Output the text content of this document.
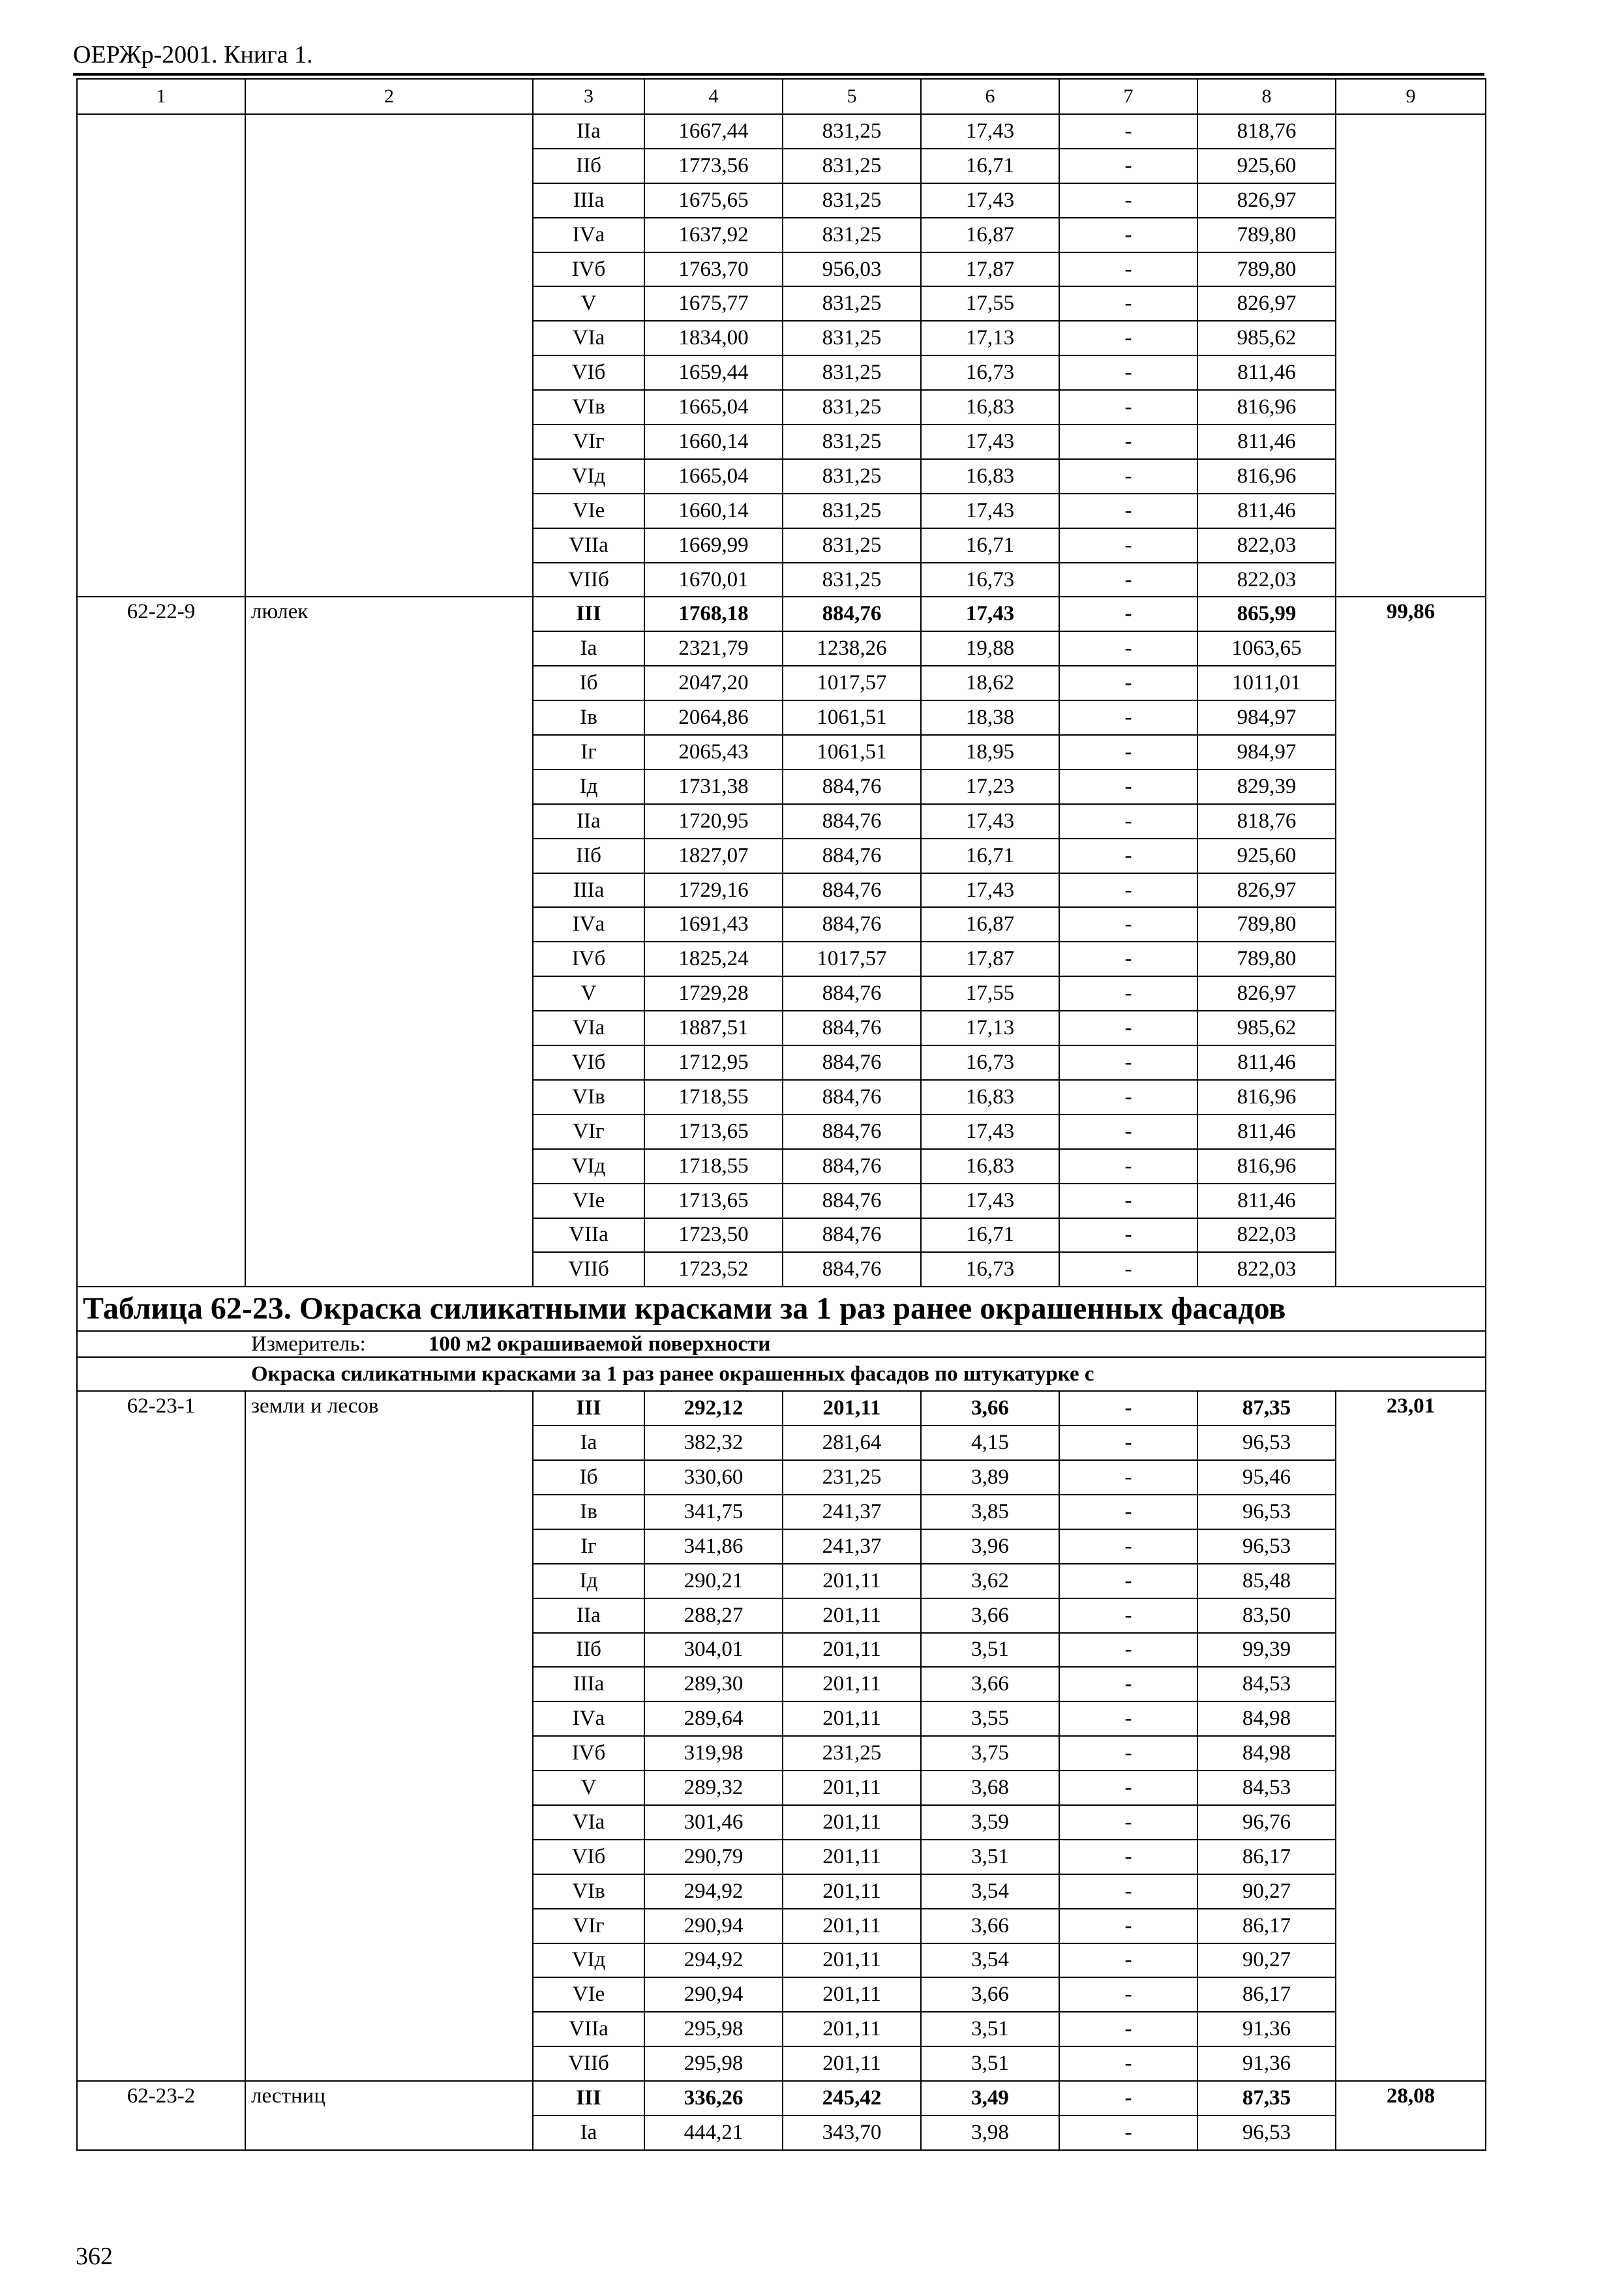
ОЕРЖр-2001. Книга 1.
1	2	3	4	5	6	7	8	9
		IIа	1667,44	831,25	17,43	-	818,76	
		IIб	1773,56	831,25	16,71	-	925,60	
		IIIа	1675,65	831,25	17,43	-	826,97	
		IVа	1637,92	831,25	16,87	-	789,80	
		IVб	1763,70	956,03	17,87	-	789,80	
		V	1675,77	831,25	17,55	-	826,97	
		VIа	1834,00	831,25	17,13	-	985,62	
		VIб	1659,44	831,25	16,73	-	811,46	
		VIв	1665,04	831,25	16,83	-	816,96	
		VIг	1660,14	831,25	17,43	-	811,46	
		VIд	1665,04	831,25	16,83	-	816,96	
		VIе	1660,14	831,25	17,43	-	811,46	
		VIIа	1669,99	831,25	16,71	-	822,03	
		VIIб	1670,01	831,25	16,73	-	822,03	
62-22-9	люлек	III	1768,18	884,76	17,43	-	865,99	99,86
		Iа	2321,79	1238,26	19,88	-	1063,65	
		Iб	2047,20	1017,57	18,62	-	1011,01	
		Iв	2064,86	1061,51	18,38	-	984,97	
		Iг	2065,43	1061,51	18,95	-	984,97	
		Iд	1731,38	884,76	17,23	-	829,39	
		IIа	1720,95	884,76	17,43	-	818,76	
		IIб	1827,07	884,76	16,71	-	925,60	
		IIIа	1729,16	884,76	17,43	-	826,97	
		IVа	1691,43	884,76	16,87	-	789,80	
		IVб	1825,24	1017,57	17,87	-	789,80	
		V	1729,28	884,76	17,55	-	826,97	
		VIа	1887,51	884,76	17,13	-	985,62	
		VIб	1712,95	884,76	16,73	-	811,46	
		VIв	1718,55	884,76	16,83	-	816,96	
		VIг	1713,65	884,76	17,43	-	811,46	
		VIд	1718,55	884,76	16,83	-	816,96	
		VIе	1713,65	884,76	17,43	-	811,46	
		VIIа	1723,50	884,76	16,71	-	822,03	
		VIIб	1723,52	884,76	16,73	-	822,03	
Таблица 62-23. Окраска силикатными красками за 1 раз ранее окрашенных фасадов								
Измеритель: 100 м2 окрашиваемой поверхности								
Окраска силикатными красками за 1 раз ранее окрашенных фасадов по штукатурке с								
62-23-1	земли и лесов	III	292,12	201,11	3,66	-	87,35	23,01
		Iа	382,32	281,64	4,15	-	96,53	
		Iб	330,60	231,25	3,89	-	95,46	
		Iв	341,75	241,37	3,85	-	96,53	
		Iг	341,86	241,37	3,96	-	96,53	
		Iд	290,21	201,11	3,62	-	85,48	
		IIа	288,27	201,11	3,66	-	83,50	
		IIб	304,01	201,11	3,51	-	99,39	
		IIIа	289,30	201,11	3,66	-	84,53	
		IVа	289,64	201,11	3,55	-	84,98	
		IVб	319,98	231,25	3,75	-	84,98	
		V	289,32	201,11	3,68	-	84,53	
		VIа	301,46	201,11	3,59	-	96,76	
		VIб	290,79	201,11	3,51	-	86,17	
		VIв	294,92	201,11	3,54	-	90,27	
		VIг	290,94	201,11	3,66	-	86,17	
		VIд	294,92	201,11	3,54	-	90,27	
		VIе	290,94	201,11	3,66	-	86,17	
		VIIа	295,98	201,11	3,51	-	91,36	
		VIIб	295,98	201,11	3,51	-	91,36	
62-23-2	лестниц	III	336,26	245,42	3,49	-	87,35	28,08
		Iа	444,21	343,70	3,98	-	96,53	
362
